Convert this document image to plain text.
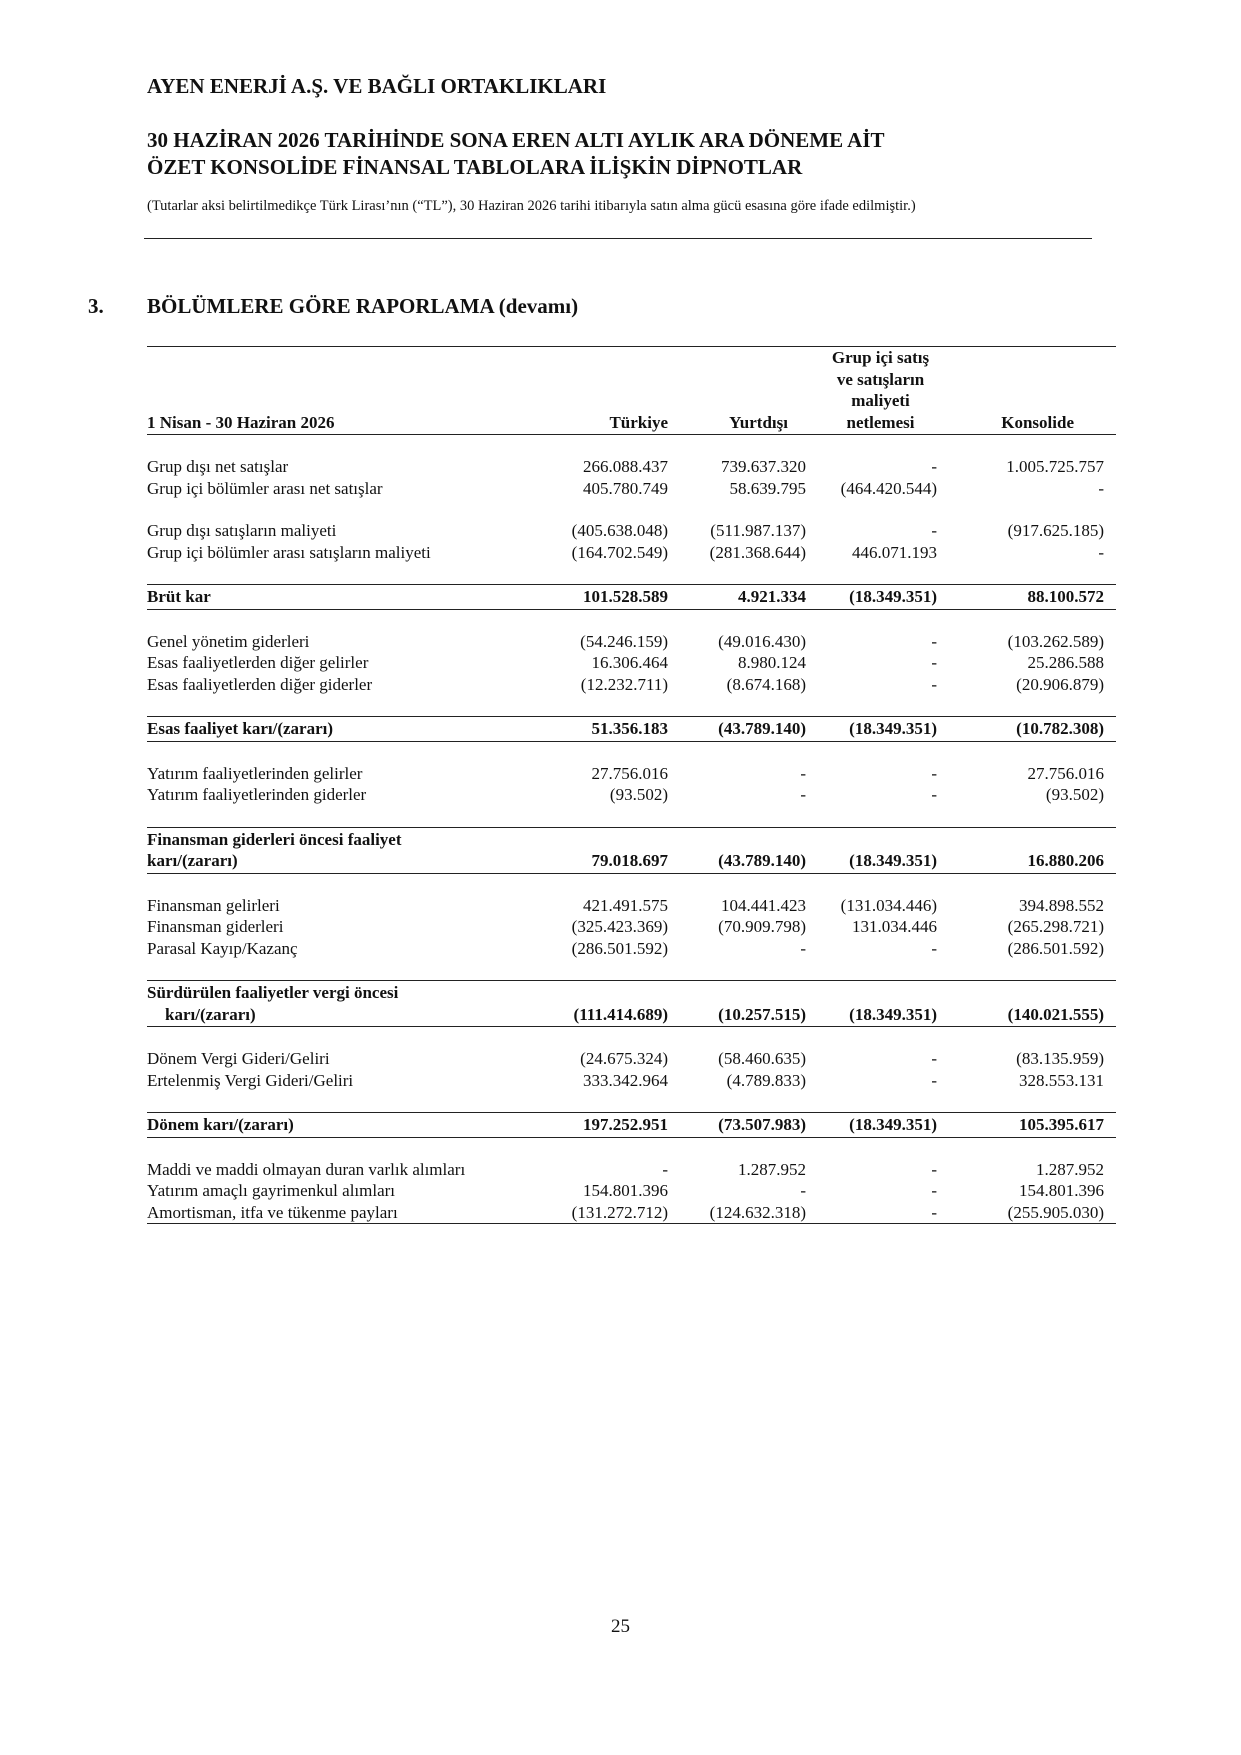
AYEN ENERJİ A.Ş. VE BAĞLI ORTAKLIKLARI
30 HAZİRAN 2026 TARİHİNDE SONA EREN ALTI AYLIK ARA DÖNEME AİT
ÖZET KONSOLİDE FİNANSAL TABLOLARA İLİŞKİN DİPNOTLAR
(Tutarlar aksi belirtilmedikçe Türk Lirası’nın (“TL”), 30 Haziran 2026 tarihi itibarıyla satın alma gücü esasına göre ifade edilmiştir.)
3. BÖLÜMLERE GÖRE RAPORLAMA (devamı)
			Grup içi satış	
			ve satışların	
			maliyeti	
1 Nisan - 30 Haziran 2026	Türkiye	Yurtdışı	netlemesi	Konsolide

Grup dışı net satışlar	266.088.437	739.637.320	-	1.005.725.757
Grup içi bölümler arası net satışlar	405.780.749	58.639.795	(464.420.544)	-

Grup dışı satışların maliyeti	(405.638.048)	(511.987.137)	-	(917.625.185)
Grup içi bölümler arası satışların maliyeti	(164.702.549)	(281.368.644)	446.071.193	-

Brüt kar	101.528.589	4.921.334	(18.349.351)	88.100.572

Genel yönetim giderleri	(54.246.159)	(49.016.430)	-	(103.262.589)
Esas faaliyetlerden diğer gelirler	16.306.464	8.980.124	-	25.286.588
Esas faaliyetlerden diğer giderler	(12.232.711)	(8.674.168)	-	(20.906.879)

Esas faaliyet karı/(zararı)	51.356.183	(43.789.140)	(18.349.351)	(10.782.308)

Yatırım faaliyetlerinden gelirler	27.756.016	-	-	27.756.016
Yatırım faaliyetlerinden giderler	(93.502)	-	-	(93.502)

Finansman giderleri öncesi faaliyet				
karı/(zararı)	79.018.697	(43.789.140)	(18.349.351)	16.880.206

Finansman gelirleri	421.491.575	104.441.423	(131.034.446)	394.898.552
Finansman giderleri	(325.423.369)	(70.909.798)	131.034.446	(265.298.721)
Parasal Kayıp/Kazanç	(286.501.592)	-	-	(286.501.592)

Sürdürülen faaliyetler vergi öncesi				
karı/(zararı)	(111.414.689)	(10.257.515)	(18.349.351)	(140.021.555)

Dönem Vergi Gideri/Geliri	(24.675.324)	(58.460.635)	-	(83.135.959)
Ertelenmiş Vergi Gideri/Geliri	333.342.964	(4.789.833)	-	328.553.131

Dönem karı/(zararı)	197.252.951	(73.507.983)	(18.349.351)	105.395.617

Maddi ve maddi olmayan duran varlık alımları	-	1.287.952	-	1.287.952
Yatırım amaçlı gayrimenkul alımları	154.801.396	-	-	154.801.396
Amortisman, itfa ve tükenme payları	(131.272.712)	(124.632.318)	-	(255.905.030)
25
